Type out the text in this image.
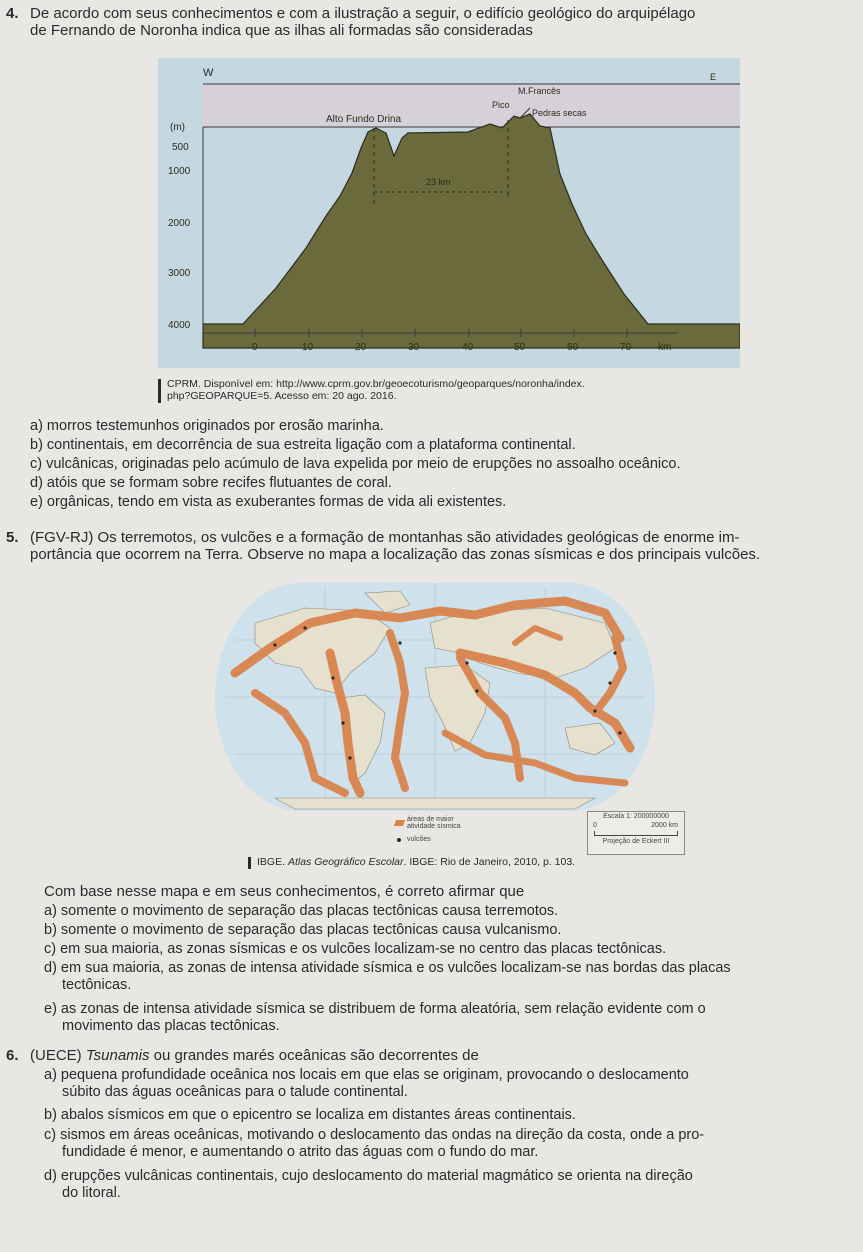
4. De acordo com seus conhecimentos e com a ilustração a seguir, o edifício geológico do arquipélago
de Fernando de Noronha indica que as ilhas ali formadas são consideradas
23 km
W	E
(m)
500
1000
2000
3000
4000
0	10	20	30	40	50	60	70	km
Alto Fundo Drina
Pico
M.Francês
Pedras secas
CPRM. Disponível em: http://www.cprm.gov.br/geoecoturismo/geoparques/noronha/index.
php?GEOPARQUE=5. Acesso em: 20 ago. 2016.
a) morros testemunhos originados por erosão marinha.
b) continentais, em decorrência de sua estreita ligação com a plataforma continental.
c) vulcânicas, originadas pelo acúmulo de lava expelida por meio de erupções no assoalho oceânico.
d) atóis que se formam sobre recifes flutuantes de coral.
e) orgânicas, tendo em vista as exuberantes formas de vida ali existentes.
5. (FGV-RJ) Os terremotos, os vulcões e a formação de montanhas são atividades geológicas de enorme im-
portância que ocorrem na Terra. Observe no mapa a localização das zonas sísmicas e dos principais vulcões.
áreas de maior
atividade sísmica
vulcões
Escala 1: 200000000
0	2000 km
Projeção de Eckert III
IBGE. Atlas Geográfico Escolar. IBGE: Rio de Janeiro, 2010, p. 103.
Com base nesse mapa e em seus conhecimentos, é correto afirmar que
a) somente o movimento de separação das placas tectônicas causa terremotos.
b) somente o movimento de separação das placas tectônicas causa vulcanismo.
c) em sua maioria, as zonas sísmicas e os vulcões localizam-se no centro das placas tectônicas.
d) em sua maioria, as zonas de intensa atividade sísmica e os vulcões localizam-se nas bordas das placas
tectônicas.
e) as zonas de intensa atividade sísmica se distribuem de forma aleatória, sem relação evidente com o
movimento das placas tectônicas.
6. (UECE) Tsunamis ou grandes marés oceânicas são decorrentes de
a) pequena profundidade oceânica nos locais em que elas se originam, provocando o deslocamento
súbito das águas oceânicas para o talude continental.
b) abalos sísmicos em que o epicentro se localiza em distantes áreas continentais.
c) sismos em áreas oceânicas, motivando o deslocamento das ondas na direção da costa, onde a pro-
fundidade é menor, e aumentando o atrito das águas com o fundo do mar.
d) erupções vulcânicas continentais, cujo deslocamento do material magmático se orienta na direção
do litoral.
